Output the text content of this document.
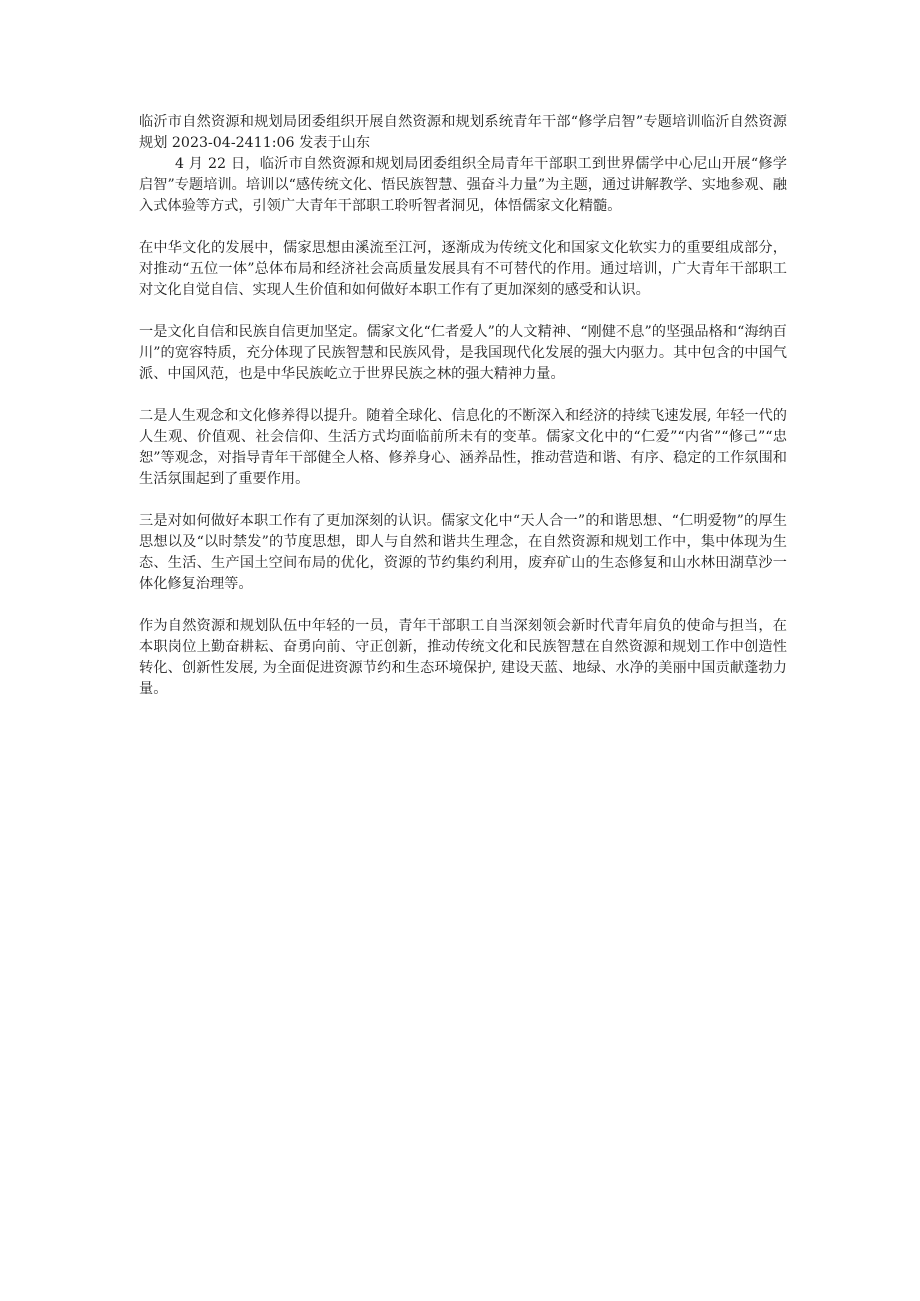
临沂市自然资源和规划局团委组织开展自然资源和规划系统青年干部“修学启智”专题培训临沂自然资源规划 2023-04-2411:06 发表于山东

4 月 22 日，临沂市自然资源和规划局团委组织全局青年干部职工到世界儒学中心尼山开展“修学启智”专题培训。培训以“感传统文化、悟民族智慧、强奋斗力量”为主题，通过讲解教学、实地参观、融入式体验等方式，引领广大青年干部职工聆听智者洞见，体悟儒家文化精髓。

在中华文化的发展中，儒家思想由溪流至江河，逐渐成为传统文化和国家文化软实力的重要组成部分，对推动“五位一体”总体布局和经济社会高质量发展具有不可替代的作用。通过培训，广大青年干部职工对文化自觉自信、实现人生价值和如何做好本职工作有了更加深刻的感受和认识。

一是文化自信和民族自信更加坚定。儒家文化“仁者爱人”的人文精神、“刚健不息”的坚强品格和“海纳百川”的宽容特质，充分体现了民族智慧和民族风骨，是我国现代化发展的强大内驱力。其中包含的中国气派、中国风范，也是中华民族屹立于世界民族之林的强大精神力量。

二是人生观念和文化修养得以提升。随着全球化、信息化的不断深入和经济的持续飞速发展, 年轻一代的人生观、价值观、社会信仰、生活方式均面临前所未有的变革。儒家文化中的“仁爱”“内省”“修己”“忠恕”等观念，对指导青年干部健全人格、修养身心、涵养品性，推动营造和谐、有序、稳定的工作氛围和生活氛围起到了重要作用。

三是对如何做好本职工作有了更加深刻的认识。儒家文化中“天人合一”的和谐思想、“仁明爱物”的厚生思想以及“以时禁发”的节度思想，即人与自然和谐共生理念，在自然资源和规划工作中，集中体现为生态、生活、生产国土空间布局的优化，资源的节约集约利用，废弃矿山的生态修复和山水林田湖草沙一体化修复治理等。

作为自然资源和规划队伍中年轻的一员，青年干部职工自当深刻领会新时代青年肩负的使命与担当，在本职岗位上勤奋耕耘、奋勇向前、守正创新，推动传统文化和民族智慧在自然资源和规划工作中创造性转化、创新性发展, 为全面促进资源节约和生态环境保护, 建设天蓝、地绿、水净的美丽中国贡献蓬勃力量。
